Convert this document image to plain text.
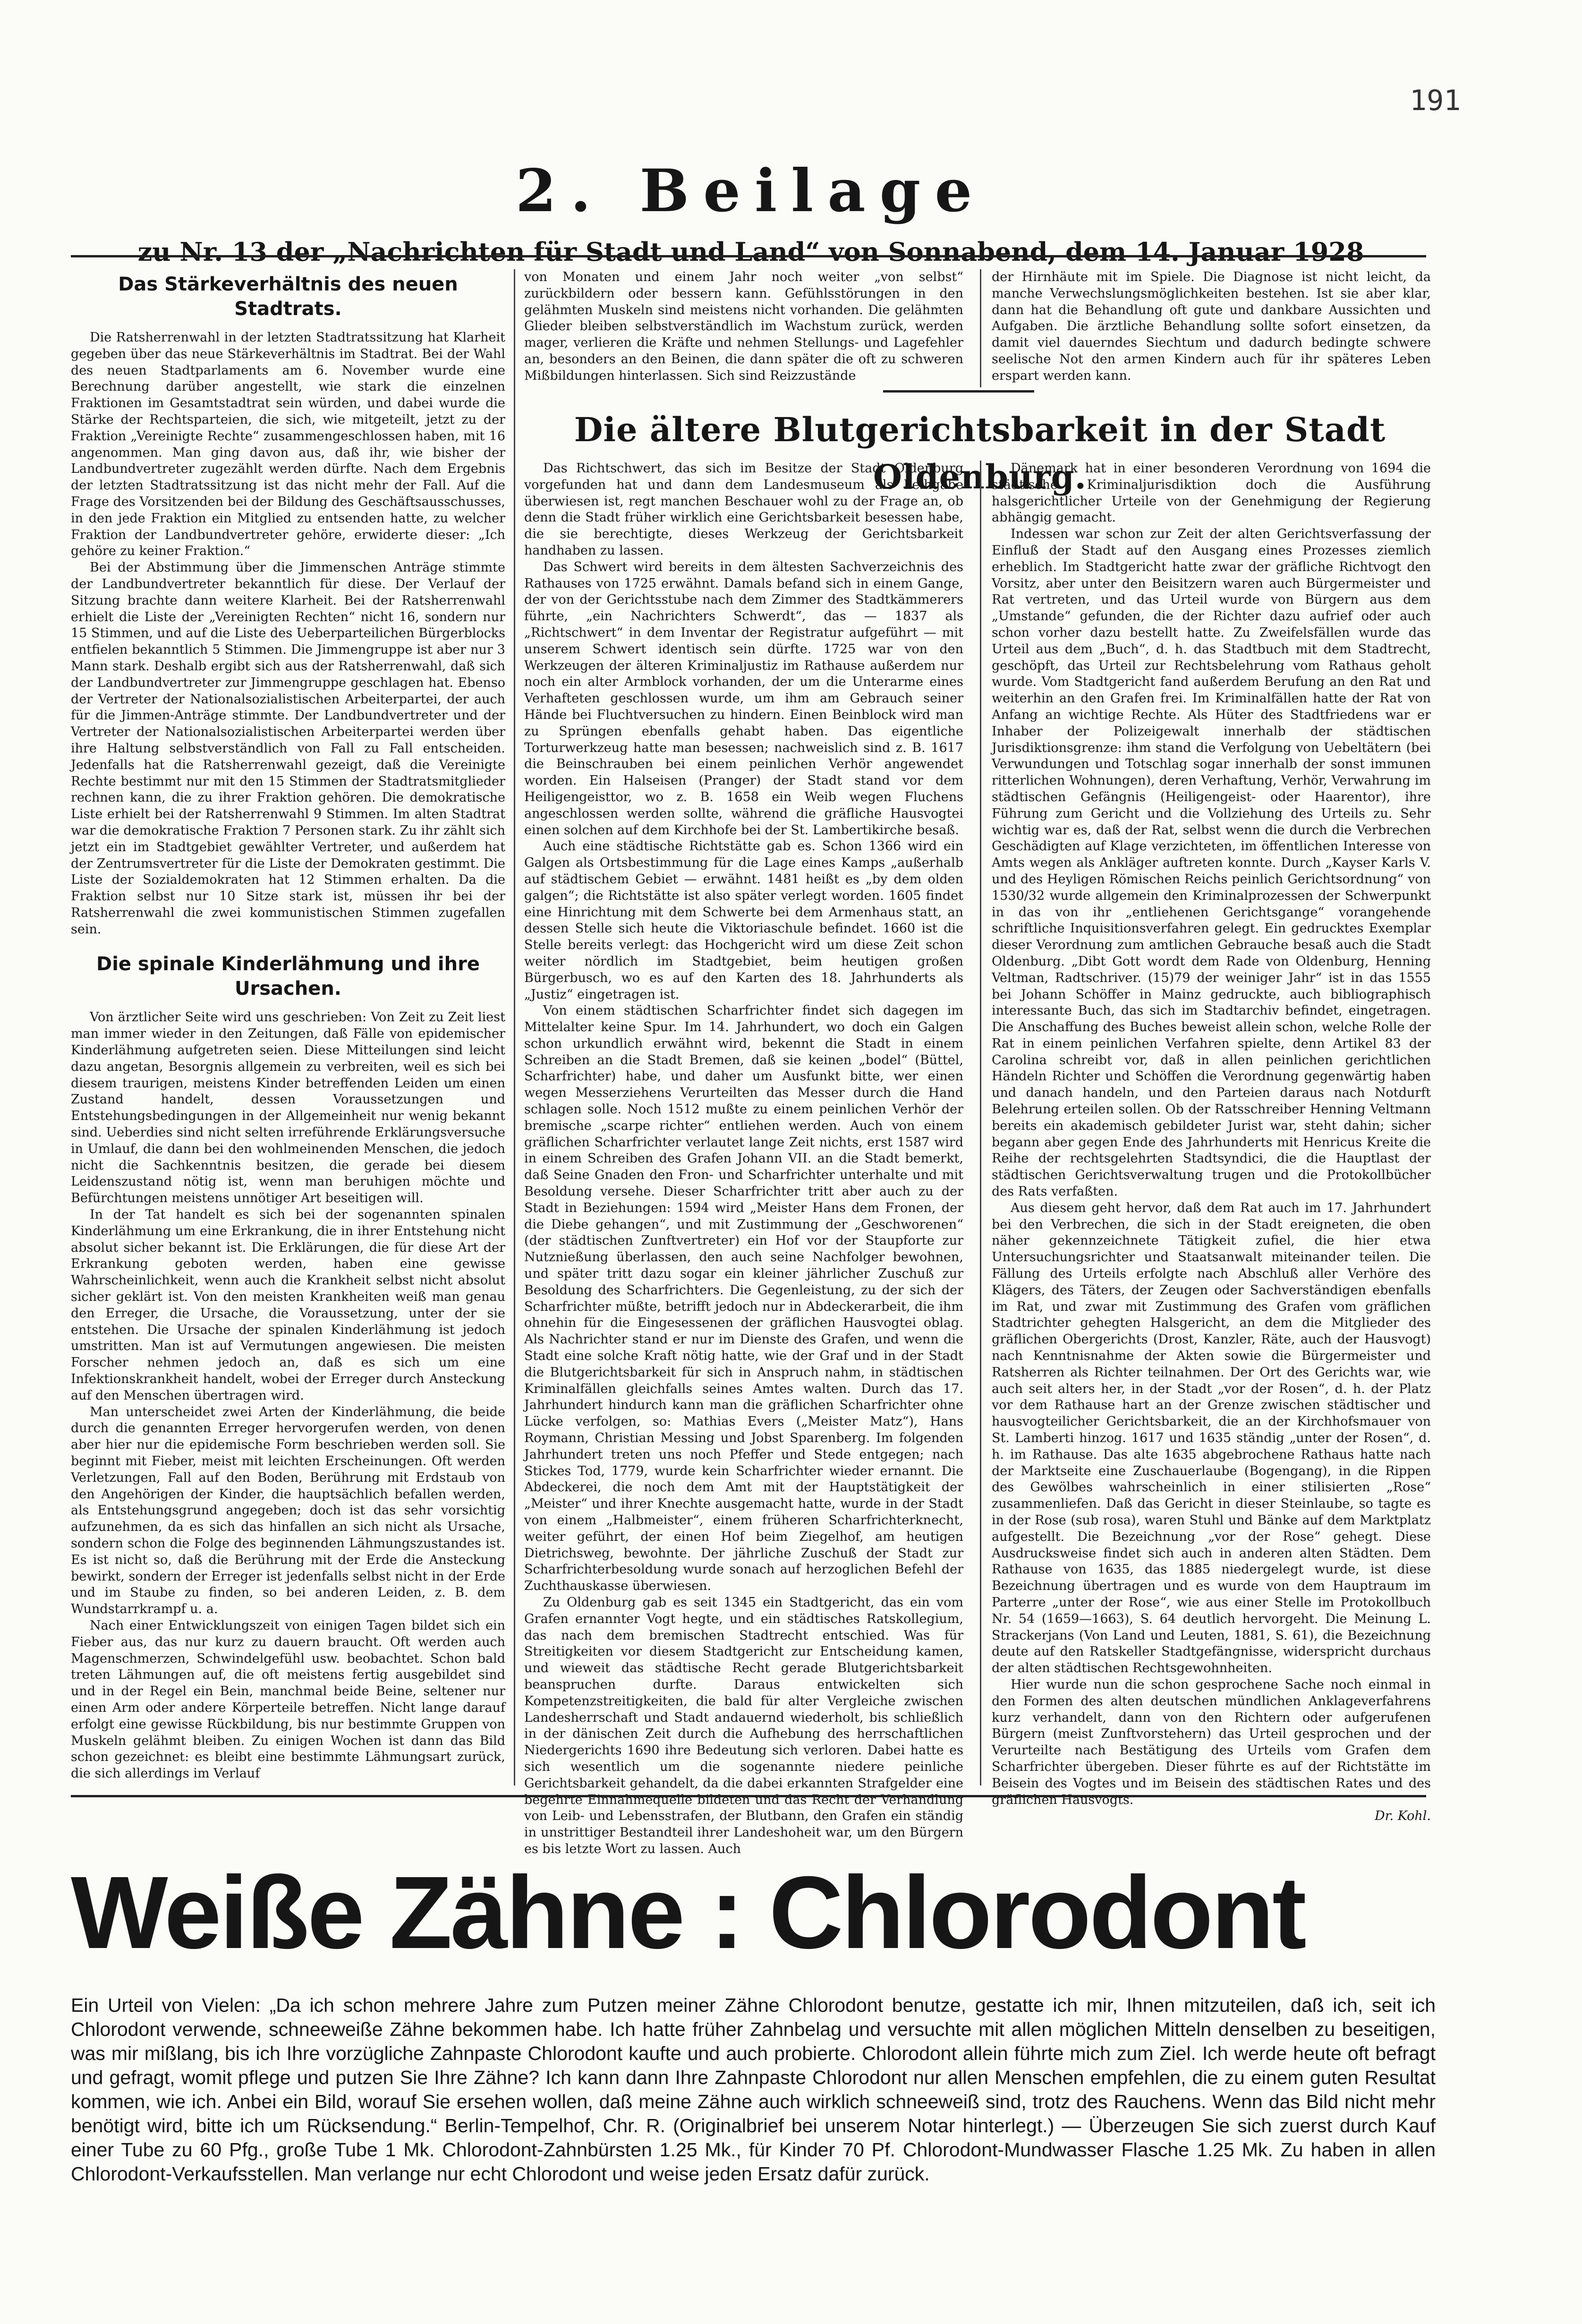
191
2. Beilage
zu Nr. 13 der „Nachrichten für Stadt und Land“ von Sonnabend, dem 14. Januar 1928
Das Stärkeverhältnis des neuen Stadtrats.

Die Ratsherrenwahl in der letzten Stadtratssitzung hat Klarheit gegeben über das neue Stärkeverhältnis im Stadtrat. Bei der Wahl des neuen Stadtparlaments am 6. November wurde eine Berechnung darüber angestellt, wie stark die einzelnen Fraktionen im Gesamtstadtrat sein würden, und dabei wurde die Stärke der Rechtsparteien, die sich, wie mitgeteilt, jetzt zu der Fraktion „Vereinigte Rechte“ zusammengeschlossen haben, mit 16 angenommen. Man ging davon aus, daß ihr, wie bisher der Landbundvertreter zugezählt werden dürfte. Nach dem Ergebnis der letzten Stadtratssitzung ist das nicht mehr der Fall. Auf die Frage des Vorsitzenden bei der Bildung des Geschäftsausschusses, in den jede Fraktion ein Mitglied zu entsenden hatte, zu welcher Fraktion der Landbundvertreter gehöre, erwiderte dieser: „Ich gehöre zu keiner Fraktion.“

Bei der Abstimmung über die Jimmenschen Anträge stimmte der Landbundvertreter bekanntlich für diese. Der Verlauf der Sitzung brachte dann weitere Klarheit. Bei der Ratsherrenwahl erhielt die Liste der „Vereinigten Rechten“ nicht 16, sondern nur 15 Stimmen, und auf die Liste des Ueberparteilichen Bürgerblocks entfielen bekanntlich 5 Stimmen. Die Jimmengruppe ist aber nur 3 Mann stark. Deshalb ergibt sich aus der Ratsherrenwahl, daß sich der Landbundvertreter zur Jimmengruppe geschlagen hat. Ebenso der Vertreter der Nationalsozialistischen Arbeiterpartei, der auch für die Jimmen-Anträge stimmte. Der Landbundvertreter und der Vertreter der Nationalsozialistischen Arbeiterpartei werden über ihre Haltung selbstverständlich von Fall zu Fall entscheiden. Jedenfalls hat die Ratsherrenwahl gezeigt, daß die Vereinigte Rechte bestimmt nur mit den 15 Stimmen der Stadtratsmitglieder rechnen kann, die zu ihrer Fraktion gehören. Die demokratische Liste erhielt bei der Ratsherrenwahl 9 Stimmen. Im alten Stadtrat war die demokratische Fraktion 7 Personen stark. Zu ihr zählt sich jetzt ein im Stadtgebiet gewählter Vertreter, und außerdem hat der Zentrumsvertreter für die Liste der Demokraten gestimmt. Die Liste der Sozialdemokraten hat 12 Stimmen erhalten. Da die Fraktion selbst nur 10 Sitze stark ist, müssen ihr bei der Ratsherrenwahl die zwei kommunistischen Stimmen zugefallen sein.

Die spinale Kinderlähmung und ihre Ursachen.

Von ärztlicher Seite wird uns geschrieben: Von Zeit zu Zeit liest man immer wieder in den Zeitungen, daß Fälle von epidemischer Kinderlähmung aufgetreten seien. Diese Mitteilungen sind leicht dazu angetan, Besorgnis allgemein zu verbreiten, weil es sich bei diesem traurigen, meistens Kinder betreffenden Leiden um einen Zustand handelt, dessen Voraussetzungen und Entstehungsbedingungen in der Allgemeinheit nur wenig bekannt sind. Ueberdies sind nicht selten irreführende Erklärungsversuche in Umlauf, die dann bei den wohlmeinenden Menschen, die jedoch nicht die Sachkenntnis besitzen, die gerade bei diesem Leidenszustand nötig ist, wenn man beruhigen möchte und Befürchtungen meistens unnötiger Art beseitigen will.

In der Tat handelt es sich bei der sogenannten spinalen Kinderlähmung um eine Erkrankung, die in ihrer Entstehung nicht absolut sicher bekannt ist. Die Erklärungen, die für diese Art der Erkrankung geboten werden, haben eine gewisse Wahrscheinlichkeit, wenn auch die Krankheit selbst nicht absolut sicher geklärt ist. Von den meisten Krankheiten weiß man genau den Erreger, die Ursache, die Voraussetzung, unter der sie entstehen. Die Ursache der spinalen Kinderlähmung ist jedoch umstritten. Man ist auf Vermutungen angewiesen. Die meisten Forscher nehmen jedoch an, daß es sich um eine Infektionskrankheit handelt, wobei der Erreger durch Ansteckung auf den Menschen übertragen wird.

Man unterscheidet zwei Arten der Kinderlähmung, die beide durch die genannten Erreger hervorgerufen werden, von denen aber hier nur die epidemische Form beschrieben werden soll. Sie beginnt mit Fieber, meist mit leichten Erscheinungen. Oft werden Verletzungen, Fall auf den Boden, Berührung mit Erdstaub von den Angehörigen der Kinder, die hauptsächlich befallen werden, als Entstehungsgrund angegeben; doch ist das sehr vorsichtig aufzunehmen, da es sich das hinfallen an sich nicht als Ursache, sondern schon die Folge des beginnenden Lähmungszustandes ist. Es ist nicht so, daß die Berührung mit der Erde die Ansteckung bewirkt, sondern der Erreger ist jedenfalls selbst nicht in der Erde und im Staube zu finden, so bei anderen Leiden, z. B. dem Wundstarrkrampf u. a.

Nach einer Entwicklungszeit von einigen Tagen bildet sich ein Fieber aus, das nur kurz zu dauern braucht. Oft werden auch Magenschmerzen, Schwindelgefühl usw. beobachtet. Schon bald treten Lähmungen auf, die oft meistens fertig ausgebildet sind und in der Regel ein Bein, manchmal beide Beine, seltener nur einen Arm oder andere Körperteile betreffen. Nicht lange darauf erfolgt eine gewisse Rückbildung, bis nur bestimmte Gruppen von Muskeln gelähmt bleiben. Zu einigen Wochen ist dann das Bild schon gezeichnet: es bleibt eine bestimmte Lähmungsart zurück, die sich allerdings im Verlauf

von Monaten und einem Jahr noch weiter „von selbst“ zurückbildern oder bessern kann. Gefühlsstörungen in den gelähmten Muskeln sind meistens nicht vorhanden. Die gelähmten Glieder bleiben selbstverständlich im Wachstum zurück, werden mager, verlieren die Kräfte und nehmen Stellungs- und Lagefehler an, besonders an den Beinen, die dann später die oft zu schweren Mißbildungen hinterlassen. Sich sind Reizzustände

der Hirnhäute mit im Spiele. Die Diagnose ist nicht leicht, da manche Verwechslungsmöglichkeiten bestehen. Ist sie aber klar, dann hat die Behandlung oft gute und dankbare Aussichten und Aufgaben. Die ärztliche Behandlung sollte sofort einsetzen, da damit viel dauerndes Siechtum und dadurch bedingte schwere seelische Not den armen Kindern auch für ihr späteres Leben erspart werden kann.

Die ältere Blutgerichtsbarkeit in der Stadt Oldenburg.

Das Richtschwert, das sich im Besitze der Stadt Oldenburg vorgefunden hat und dann dem Landesmuseum als Leihgabe überwiesen ist, regt manchen Beschauer wohl zu der Frage an, ob denn die Stadt früher wirklich eine Gerichtsbarkeit besessen habe, die sie berechtigte, dieses Werkzeug der Gerichtsbarkeit handhaben zu lassen.

Das Schwert wird bereits in dem ältesten Sachverzeichnis des Rathauses von 1725 erwähnt. Damals befand sich in einem Gange, der von der Gerichtsstube nach dem Zimmer des Stadtkämmerers führte, „ein Nachrichters Schwerdt“, das — 1837 als „Richtschwert“ in dem Inventar der Registratur aufgeführt — mit unserem Schwert identisch sein dürfte. 1725 war von den Werkzeugen der älteren Kriminaljustiz im Rathause außerdem nur noch ein alter Armblock vorhanden, der um die Unterarme eines Verhafteten geschlossen wurde, um ihm am Gebrauch seiner Hände bei Fluchtversuchen zu hindern. Einen Beinblock wird man zu Sprüngen ebenfalls gehabt haben. Das eigentliche Torturwerkzeug hatte man besessen; nachweislich sind z. B. 1617 die Beinschrauben bei einem peinlichen Verhör angewendet worden. Ein Halseisen (Pranger) der Stadt stand vor dem Heiligengeisttor, wo z. B. 1658 ein Weib wegen Fluchens angeschlossen werden sollte, während die gräfliche Hausvogtei einen solchen auf dem Kirchhofe bei der St. Lambertikirche besaß.

Auch eine städtische Richtstätte gab es. Schon 1366 wird ein Galgen als Ortsbestimmung für die Lage eines Kamps „außerhalb auf städtischem Gebiet — erwähnt. 1481 heißt es „by dem olden galgen“; die Richtstätte ist also später verlegt worden. 1605 findet eine Hinrichtung mit dem Schwerte bei dem Armenhaus statt, an dessen Stelle sich heute die Viktoriaschule befindet. 1660 ist die Stelle bereits verlegt: das Hochgericht wird um diese Zeit schon weiter nördlich im Stadtgebiet, beim heutigen großen Bürgerbusch, wo es auf den Karten des 18. Jahrhunderts als „Justiz“ eingetragen ist.

Von einem städtischen Scharfrichter findet sich dagegen im Mittelalter keine Spur. Im 14. Jahrhundert, wo doch ein Galgen schon urkundlich erwähnt wird, bekennt die Stadt in einem Schreiben an die Stadt Bremen, daß sie keinen „bodel“ (Büttel, Scharfrichter) habe, und daher um Ausfunkt bitte, wer einen wegen Messerziehens Verurteilten das Messer durch die Hand schlagen solle. Noch 1512 mußte zu einem peinlichen Verhör der bremische „scarpe richter“ entliehen werden. Auch von einem gräflichen Scharfrichter verlautet lange Zeit nichts, erst 1587 wird in einem Schreiben des Grafen Johann VII. an die Stadt bemerkt, daß Seine Gnaden den Fron- und Scharfrichter unterhalte und mit Besoldung versehe. Dieser Scharfrichter tritt aber auch zu der Stadt in Beziehungen: 1594 wird „Meister Hans dem Fronen, der die Diebe gehangen“, und mit Zustimmung der „Geschworenen“ (der städtischen Zunftvertreter) ein Hof vor der Staupforte zur Nutznießung überlassen, den auch seine Nachfolger bewohnen, und später tritt dazu sogar ein kleiner jährlicher Zuschuß zur Besoldung des Scharfrichters. Die Gegenleistung, zu der sich der Scharfrichter müßte, betrifft jedoch nur in Abdeckerarbeit, die ihm ohnehin für die Eingesessenen der gräflichen Hausvogtei oblag. Als Nachrichter stand er nur im Dienste des Grafen, und wenn die Stadt eine solche Kraft nötig hatte, wie der Graf und in der Stadt die Blutgerichtsbarkeit für sich in Anspruch nahm, in städtischen Kriminalfällen gleichfalls seines Amtes walten. Durch das 17. Jahrhundert hindurch kann man die gräflichen Scharfrichter ohne Lücke verfolgen, so: Mathias Evers („Meister Matz“), Hans Roymann, Christian Messing und Jobst Sparenberg. Im folgenden Jahrhundert treten uns noch Pfeffer und Stede entgegen; nach Stickes Tod, 1779, wurde kein Scharfrichter wieder ernannt. Die Abdeckerei, die noch dem Amt mit der Hauptstätigkeit der „Meister“ und ihrer Knechte ausgemacht hatte, wurde in der Stadt von einem „Halbmeister“, einem früheren Scharfrichterknecht, weiter geführt, der einen Hof beim Ziegelhof, am heutigen Dietrichsweg, bewohnte. Der jährliche Zuschuß der Stadt zur Scharfrichterbesoldung wurde sonach auf herzoglichen Befehl der Zuchthauskasse überwiesen.

Zu Oldenburg gab es seit 1345 ein Stadtgericht, das ein vom Grafen ernannter Vogt hegte, und ein städtisches Ratskollegium, das nach dem bremischen Stadtrecht entschied. Was für Streitigkeiten vor diesem Stadtgericht zur Entscheidung kamen, und wieweit das städtische Recht gerade Blutgerichtsbarkeit beanspruchen durfte. Daraus entwickelten sich Kompetenzstreitigkeiten, die bald für alter Vergleiche zwischen Landesherrschaft und Stadt andauernd wiederholt, bis schließlich in der dänischen Zeit durch die Aufhebung des herrschaftlichen Niedergerichts 1690 ihre Bedeutung sich verloren. Dabei hatte es sich wesentlich um die sogenannte niedere peinliche Gerichtsbarkeit gehandelt, da die dabei erkannten Strafgelder eine begehrte Einnahmequelle bildeten und das Recht der Verhandlung von Leib- und Lebensstrafen, der Blutbann, den Grafen ein ständig in unstrittiger Bestandteil ihrer Landeshoheit war, um den Bürgern es bis letzte Wort zu lassen. Auch

Dänemark hat in einer besonderen Verordnung von 1694 die städtische Kriminaljurisdiktion doch die Ausführung halsgerichtlicher Urteile von der Genehmigung der Regierung abhängig gemacht.

Indessen war schon zur Zeit der alten Gerichtsverfassung der Einfluß der Stadt auf den Ausgang eines Prozesses ziemlich erheblich. Im Stadtgericht hatte zwar der gräfliche Richtvogt den Vorsitz, aber unter den Beisitzern waren auch Bürgermeister und Rat vertreten, und das Urteil wurde von Bürgern aus dem „Umstande“ gefunden, die der Richter dazu aufrief oder auch schon vorher dazu bestellt hatte. Zu Zweifelsfällen wurde das Urteil aus dem „Buch“, d. h. das Stadtbuch mit dem Stadtrecht, geschöpft, das Urteil zur Rechtsbelehrung vom Rathaus geholt wurde. Vom Stadtgericht fand außerdem Berufung an den Rat und weiterhin an den Grafen frei. Im Kriminalfällen hatte der Rat von Anfang an wichtige Rechte. Als Hüter des Stadtfriedens war er Inhaber der Polizeigewalt innerhalb der städtischen Jurisdiktionsgrenze: ihm stand die Verfolgung von Uebeltätern (bei Verwundungen und Totschlag sogar innerhalb der sonst immunen ritterlichen Wohnungen), deren Verhaftung, Verhör, Verwahrung im städtischen Gefängnis (Heiligengeist- oder Haarentor), ihre Führung zum Gericht und die Vollziehung des Urteils zu. Sehr wichtig war es, daß der Rat, selbst wenn die durch die Verbrechen Geschädigten auf Klage verzichteten, im öffentlichen Interesse von Amts wegen als Ankläger auftreten konnte. Durch „Kayser Karls V. und des Heyligen Römischen Reichs peinlich Gerichtsordnung“ von 1530/32 wurde allgemein den Kriminalprozessen der Schwerpunkt in das von ihr „entliehenen Gerichtsgange“ vorangehende schriftliche Inquisitionsverfahren gelegt. Ein gedrucktes Exemplar dieser Verordnung zum amtlichen Gebrauche besaß auch die Stadt Oldenburg. „Dibt Gott wordt dem Rade von Oldenburg, Henning Veltman, Radtschriver. (15)79 der weiniger Jahr“ ist in das 1555 bei Johann Schöffer in Mainz gedruckte, auch bibliographisch interessante Buch, das sich im Stadtarchiv befindet, eingetragen. Die Anschaffung des Buches beweist allein schon, welche Rolle der Rat in einem peinlichen Verfahren spielte, denn Artikel 83 der Carolina schreibt vor, daß in allen peinlichen gerichtlichen Händeln Richter und Schöffen die Verordnung gegenwärtig haben und danach handeln, und den Parteien daraus nach Notdurft Belehrung erteilen sollen. Ob der Ratsschreiber Henning Veltmann bereits ein akademisch gebildeter Jurist war, steht dahin; sicher begann aber gegen Ende des Jahrhunderts mit Henricus Kreite die Reihe der rechtsgelehrten Stadtsyndici, die die Hauptlast der städtischen Gerichtsverwaltung trugen und die Protokollbücher des Rats verfaßten.

Aus diesem geht hervor, daß dem Rat auch im 17. Jahrhundert bei den Verbrechen, die sich in der Stadt ereigneten, die oben näher gekennzeichnete Tätigkeit zufiel, die hier etwa Untersuchungsrichter und Staatsanwalt miteinander teilen. Die Fällung des Urteils erfolgte nach Abschluß aller Verhöre des Klägers, des Täters, der Zeugen oder Sachverständigen ebenfalls im Rat, und zwar mit Zustimmung des Grafen vom gräflichen Stadtrichter gehegten Halsgericht, an dem die Mitglieder des gräflichen Obergerichts (Drost, Kanzler, Räte, auch der Hausvogt) nach Kenntnisnahme der Akten sowie die Bürgermeister und Ratsherren als Richter teilnahmen. Der Ort des Gerichts war, wie auch seit alters her, in der Stadt „vor der Rosen“, d. h. der Platz vor dem Rathause hart an der Grenze zwischen städtischer und hausvogteilicher Gerichtsbarkeit, die an der Kirchhofsmauer von St. Lamberti hinzog. 1617 und 1635 ständig „unter der Rosen“, d. h. im Rathause. Das alte 1635 abgebrochene Rathaus hatte nach der Marktseite eine Zuschauerlaube (Bogengang), in die Rippen des Gewölbes wahrscheinlich in einer stilisierten „Rose“ zusammenliefen. Daß das Gericht in dieser Steinlaube, so tagte es in der Rose (sub rosa), waren Stuhl und Bänke auf dem Marktplatz aufgestellt. Die Bezeichnung „vor der Rose“ gehegt. Diese Ausdrucksweise findet sich auch in anderen alten Städten. Dem Rathause von 1635, das 1885 niedergelegt wurde, ist diese Bezeichnung übertragen und es wurde von dem Hauptraum im Parterre „unter der Rose“, wie aus einer Stelle im Protokollbuch Nr. 54 (1659—1663), S. 64 deutlich hervorgeht. Die Meinung L. Strackerjans (Von Land und Leuten, 1881, S. 61), die Bezeichnung deute auf den Ratskeller Stadtgefängnisse, widerspricht durchaus der alten städtischen Rechtsgewohnheiten.

Hier wurde nun die schon gesprochene Sache noch einmal in den Formen des alten deutschen mündlichen Anklageverfahrens kurz verhandelt, dann von den Richtern oder aufgerufenen Bürgern (meist Zunftvorstehern) das Urteil gesprochen und der Verurteilte nach Bestätigung des Urteils vom Grafen dem Scharfrichter übergeben. Dieser führte es auf der Richtstätte im Beisein des Vogtes und im Beisein des städtischen Rates und des gräflichen Hausvogts.

Dr. Kohl.
Weiße Zähne : Chlorodont
Ein Urteil von Vielen: „Da ich schon mehrere Jahre zum Putzen meiner Zähne Chlorodont benutze, gestatte ich mir, Ihnen mitzuteilen, daß ich, seit ich Chlorodont verwende, schneeweiße Zähne bekommen habe. Ich hatte früher Zahnbelag und versuchte mit allen möglichen Mitteln denselben zu beseitigen, was mir mißlang, bis ich Ihre vorzügliche Zahnpaste Chlorodont kaufte und auch probierte. Chlorodont allein führte mich zum Ziel. Ich werde heute oft befragt und gefragt, womit pflege und putzen Sie Ihre Zähne? Ich kann dann Ihre Zahnpaste Chlorodont nur allen Menschen empfehlen, die zu einem guten Resultat kommen, wie ich. Anbei ein Bild, worauf Sie ersehen wollen, daß meine Zähne auch wirklich schneeweiß sind, trotz des Rauchens. Wenn das Bild nicht mehr benötigt wird, bitte ich um Rücksendung.“ Berlin-Tempelhof, Chr. R. (Originalbrief bei unserem Notar hinterlegt.) — Überzeugen Sie sich zuerst durch Kauf einer Tube zu 60 Pfg., große Tube 1 Mk. Chlorodont-Zahnbürsten 1.25 Mk., für Kinder 70 Pf. Chlorodont-Mundwasser Flasche 1.25 Mk. Zu haben in allen Chlorodont-Verkaufsstellen. Man verlange nur echt Chlorodont und weise jeden Ersatz dafür zurück.
